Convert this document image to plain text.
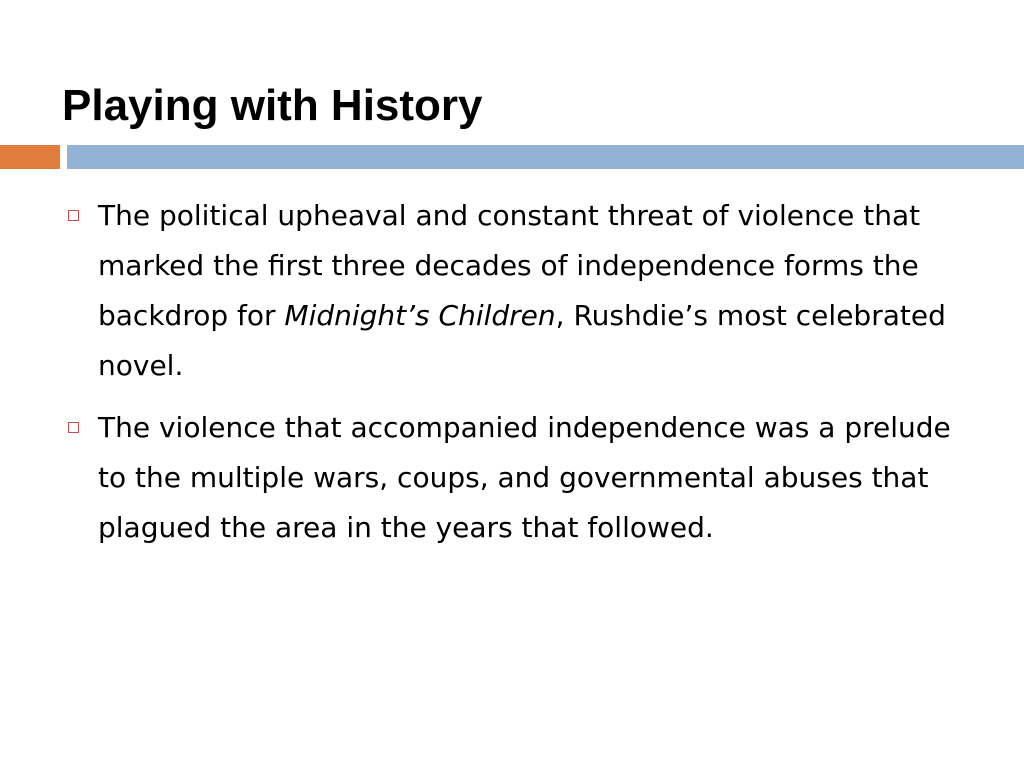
Playing with History
The political upheaval and constant threat of violence that marked the first three decades of independence forms the backdrop for Midnight’s Children, Rushdie’s most celebrated novel.
The violence that accompanied independence was a prelude to the multiple wars, coups, and governmental abuses that plagued the area in the years that followed.
